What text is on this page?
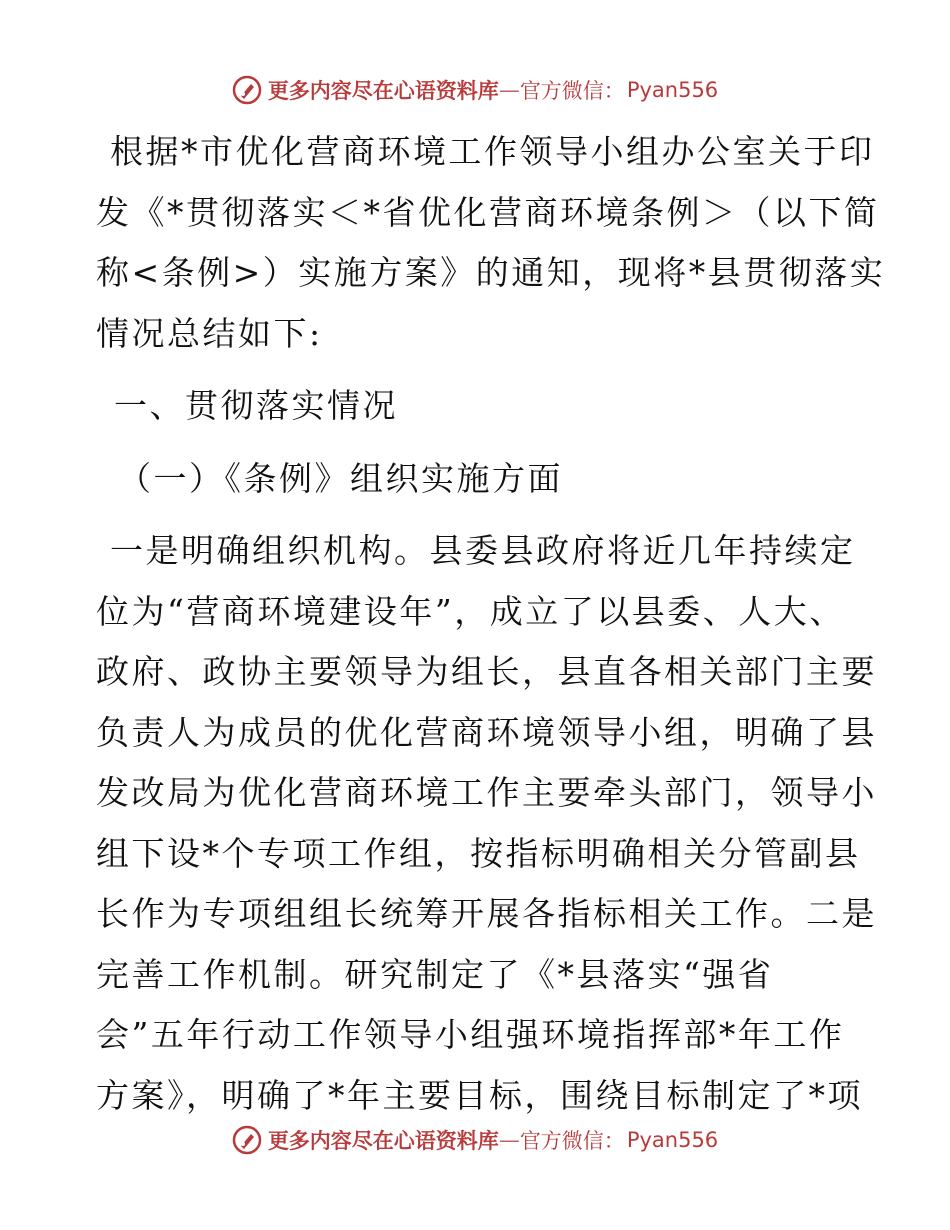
更多内容尽在心语资料库 — 官方微信： Pyan556
根据*市优化营商环境工作领导小组办公室关于印
发《*贯彻落实＜*省优化营商环境条例＞（以下简
称<条例>）实施方案》的通知，现将*县贯彻落实
情况总结如下:
一、贯彻落实情况
（一）《条例》组织实施方面
一是明确组织机构。县委县政府将近几年持续定
位为“营商环境建设年”，成立了以县委、人大、
政府、政协主要领导为组长，县直各相关部门主要
负责人为成员的优化营商环境领导小组，明确了县
发改局为优化营商环境工作主要牵头部门，领导小
组下设*个专项工作组，按指标明确相关分管副县
长作为专项组组长统筹开展各指标相关工作。二是
完善工作机制。研究制定了《*县落实“强省
会”五年行动工作领导小组强环境指挥部*年工作
方案》，明确了*年主要目标，围绕目标制定了*项
更多内容尽在心语资料库 — 官方微信： Pyan556
